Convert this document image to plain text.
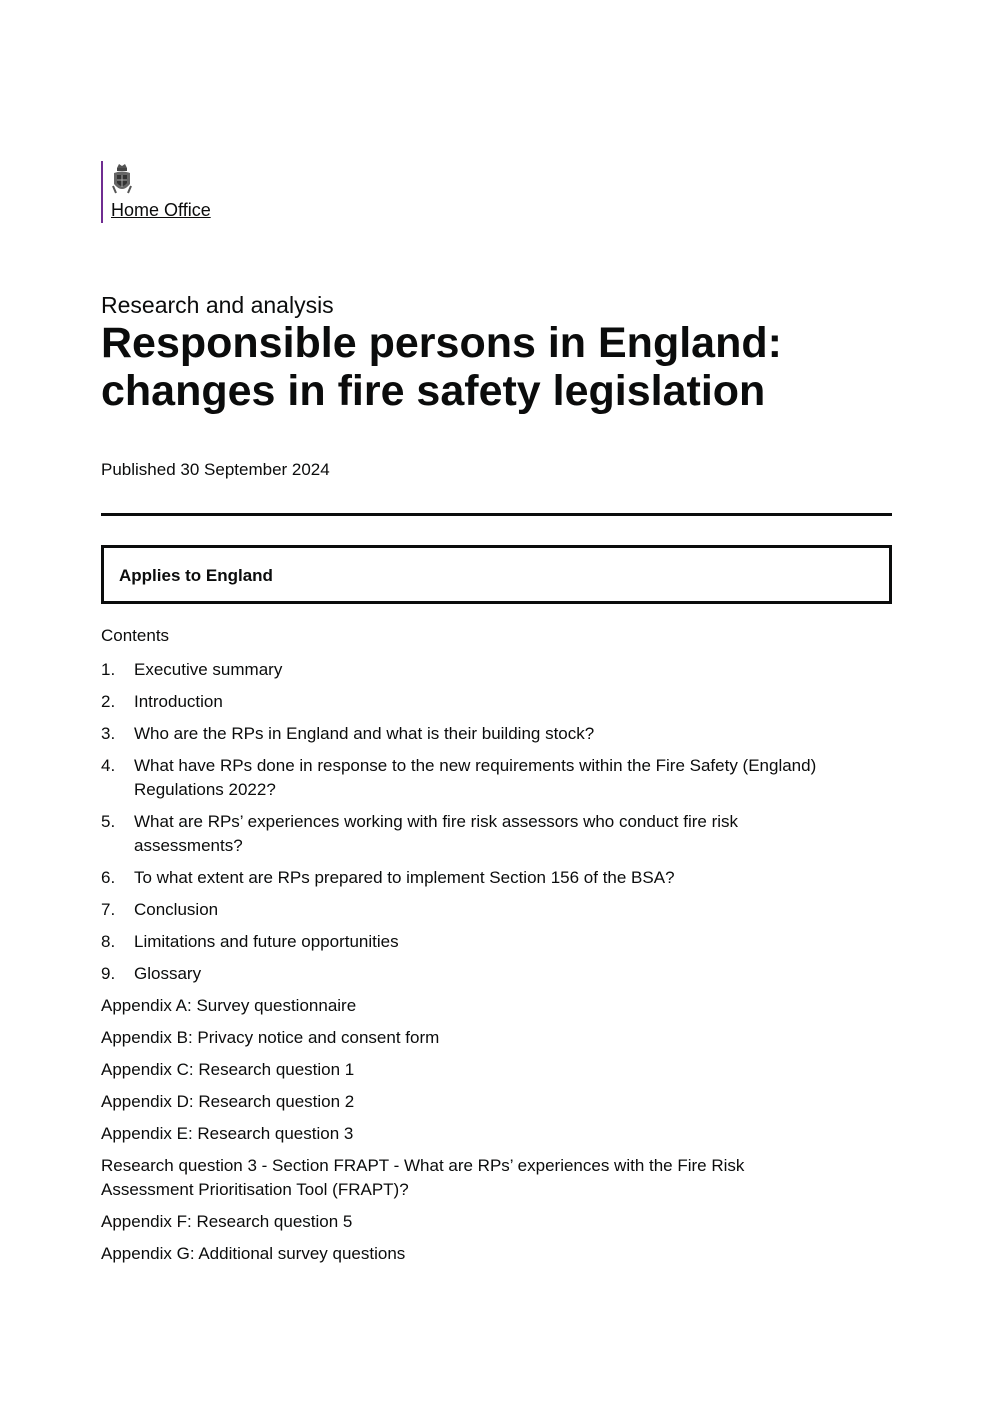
Home Office
Research and analysis
Responsible persons in England: changes in fire safety legislation
Published 30 September 2024
Applies to England
Contents
1.	Executive summary
2.	Introduction
3.	Who are the RPs in England and what is their building stock?
4.	What have RPs done in response to the new requirements within the Fire Safety (England) Regulations 2022?
5.	What are RPs’ experiences working with fire risk assessors who conduct fire risk assessments?
6.	To what extent are RPs prepared to implement Section 156 of the BSA?
7.	Conclusion
8.	Limitations and future opportunities
9.	Glossary
Appendix A: Survey questionnaire
Appendix B: Privacy notice and consent form
Appendix C: Research question 1
Appendix D: Research question 2
Appendix E: Research question 3
Research question 3 - Section FRAPT - What are RPs’ experiences with the Fire Risk Assessment Prioritisation Tool (FRAPT)?
Appendix F: Research question 5
Appendix G: Additional survey questions
